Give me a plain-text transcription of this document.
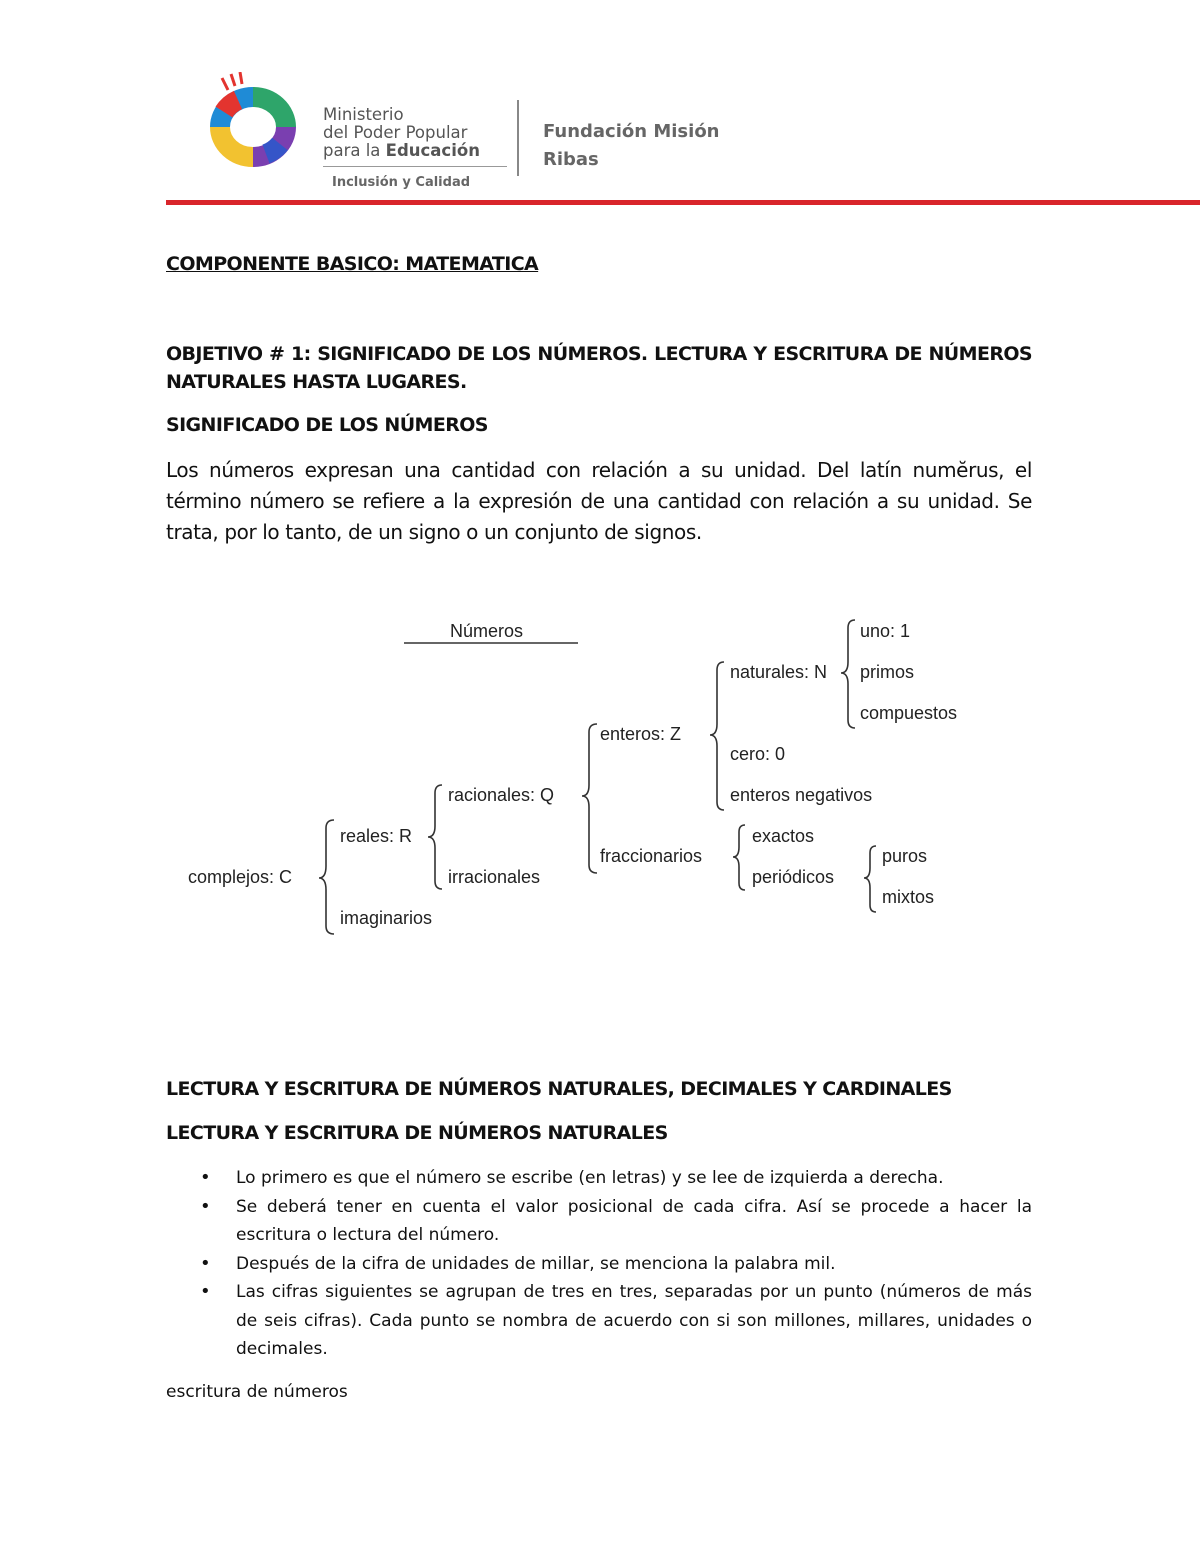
Ministerio
del Poder Popular
para la Educación
Inclusión y Calidad
Fundación Misión
Ribas
COMPONENTE BASICO: MATEMATICA
OBJETIVO # 1: SIGNIFICADO DE LOS NÚMEROS. LECTURA Y ESCRITURA DE NÚMEROS NATURALES HASTA LUGARES.
SIGNIFICADO DE LOS NÚMEROS
Los números expresan una cantidad con relación a su unidad. Del latín numĕrus, el término número se refiere a la expresión de una cantidad con relación a su unidad. Se trata, por lo tanto, de un signo o un conjunto de signos.
Números
complejos: C
reales: R
imaginarios
racionales: Q
irracionales
enteros: Z
fraccionarios
naturales: N
cero: 0
enteros negativos
uno: 1
primos
compuestos
exactos
periódicos
puros
mixtos
LECTURA Y ESCRITURA DE NÚMEROS NATURALES, DECIMALES Y CARDINALES
LECTURA Y ESCRITURA DE NÚMEROS NATURALES
• Lo primero es que el número se escribe (en letras) y se lee de izquierda a derecha.
• Se deberá tener en cuenta el valor posicional de cada cifra. Así se procede a hacer la escritura o lectura del número.
• Después de la cifra de unidades de millar, se menciona la palabra mil.
• Las cifras siguientes se agrupan de tres en tres, separadas por un punto (números de más de seis cifras). Cada punto se nombra de acuerdo con si son millones, millares, unidades o decimales.
escritura de números
